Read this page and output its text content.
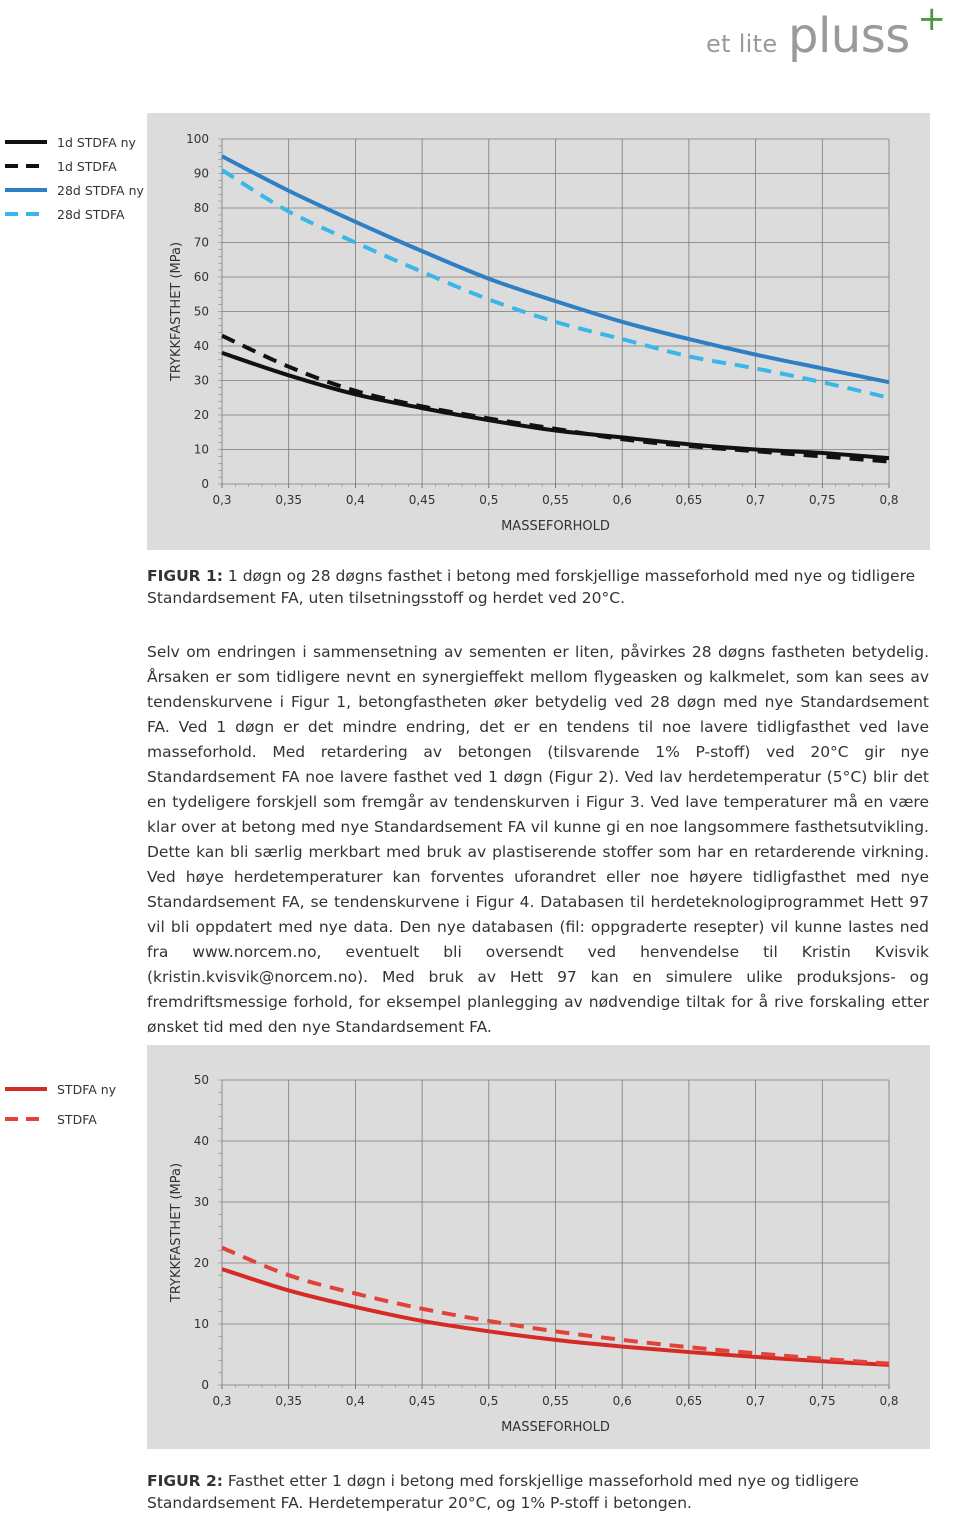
et lite pluss +
0,3	0,35	0,4	0,45	0,5	0,55	0,6	0,65	0,7	0,75	0,8
0
10
20
30
40
50
60
70
80
90
100
MASSEFORHOLD
TRYKKFASTHET (MPa)
1d STDFA ny
1d STDFA
28d STDFA ny
28d STDFA
FIGUR 1: 1 døgn og 28 døgns fasthet i betong med forskjellige masseforhold med nye og tidligere Standardsement FA, uten tilsetningsstoff og herdet ved 20°C.

Selv om endringen i sammensetning av sementen er liten, påvirkes 28 døgns fastheten betydelig. Årsaken er som tidligere nevnt en synergieffekt mellom flygeasken og kalkmelet, som kan sees av tendenskurvene i Figur 1, betongfastheten øker betydelig ved 28 døgn med nye Standardsement FA. Ved 1 døgn er det mindre endring, det er en tendens til noe lavere tidligfasthet ved lave masseforhold. Med retardering av betongen (tilsvarende 1% P-stoff) ved 20°C gir nye Standardsement FA noe lavere fasthet ved 1 døgn (Figur 2). Ved lav herdetemperatur (5°C) blir det en tydeligere forskjell som fremgår av tendenskurven i Figur 3. Ved lave temperaturer må en være klar over at betong med nye Standardsement FA vil kunne gi en noe langsommere fasthetsutvikling. Dette kan bli særlig merkbart med bruk av plastiserende stoffer som har en retarderende virkning. Ved høye herdetemperaturer kan forventes uforandret eller noe høyere tidligfasthet med nye Standardsement FA, se tendenskurvene i Figur 4. Databasen til herdeteknologiprogrammet Hett 97 vil bli oppdatert med nye data. Den nye databasen (fil: oppgraderte resepter) vil kunne lastes ned fra www.norcem.no, eventuelt bli oversendt ved henvendelse til Kristin Kvisvik (kristin.kvisvik@norcem.no). Med bruk av Hett 97 kan en simulere ulike produksjons- og fremdriftsmessige forhold, for eksempel planlegging av nødvendige tiltak for å rive forskaling etter ønsket tid med den nye Standardsement FA.

0,3	0,35	0,4	0,45	0,5	0,55	0,6	0,65	0,7	0,75	0,8
0
10
20
30
40
50
MASSEFORHOLD
TRYKKFASTHET (MPa)
STDFA ny
STDFA
FIGUR 2: Fasthet etter 1 døgn i betong med forskjellige masseforhold med nye og tidligere Standardsement FA. Herdetemperatur 20°C, og 1% P-stoff i betongen.
